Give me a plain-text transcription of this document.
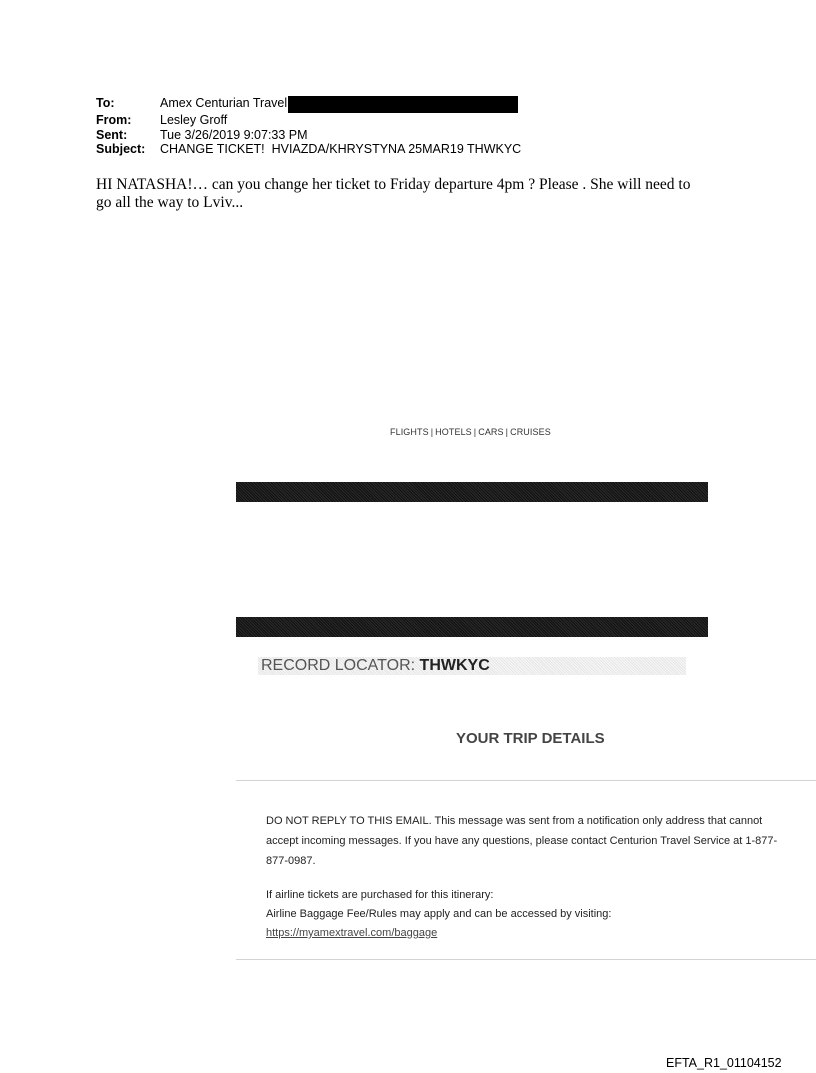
To:	Amex Centurian Travel
From:	Lesley Groff
Sent:	Tue 3/26/2019 9:07:33 PM
Subject:	CHANGE TICKET!  HVIAZDA/KHRYSTYNA 25MAR19 THWKYC
HI NATASHA!… can you change her ticket to Friday departure 4pm ? Please . She will need to
go all the way to Lviv...
FLIGHTS | HOTELS | CARS | CRUISES
RECORD LOCATOR: THWKYC
YOUR TRIP DETAILS
DO NOT REPLY TO THIS EMAIL. This message was sent from a notification only address that cannot accept incoming messages. If you have any questions, please contact Centurion Travel Service at 1-877-877-0987.
If airline tickets are purchased for this itinerary:
Airline Baggage Fee/Rules may apply and can be accessed by visiting:
https://myamextravel.com/baggage
EFTA_R1_01104152
